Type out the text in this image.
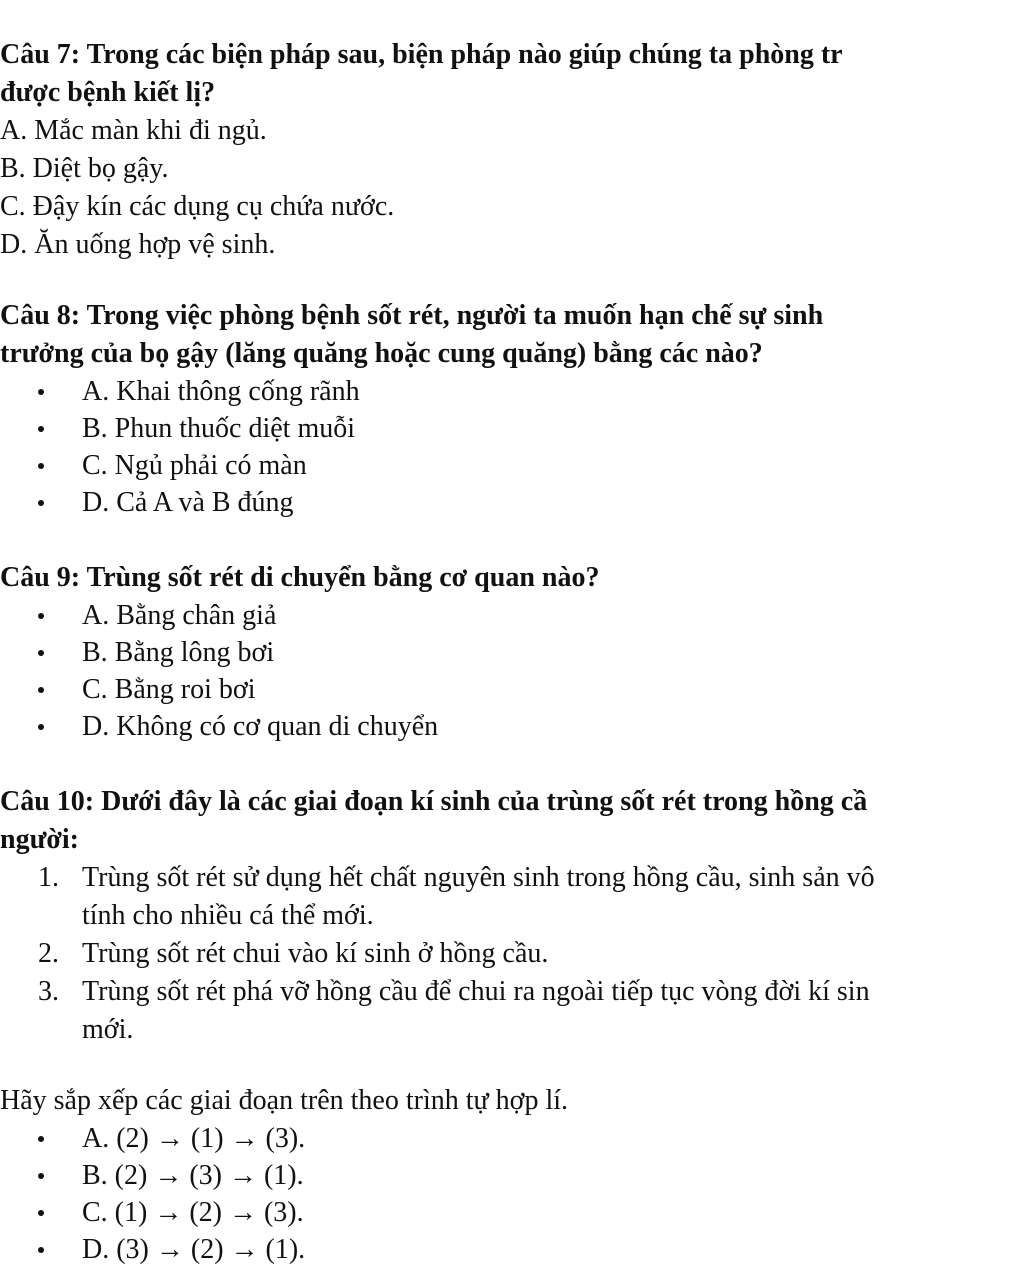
Câu 7: Trong các biện pháp sau, biện pháp nào giúp chúng ta phòng tr

được bệnh kiết lị?

A. Mắc màn khi đi ngủ.

B. Diệt bọ gậy.

C. Đậy kín các dụng cụ chứa nước.

D. Ăn uống hợp vệ sinh.

Câu 8: Trong việc phòng bệnh sốt rét, người ta muốn hạn chế sự sinh

trưởng của bọ gậy (lăng quăng hoặc cung quăng) bằng các nào?

A. Khai thông cống rãnh
B. Phun thuốc diệt muỗi
C. Ngủ phải có màn
D. Cả A và B đúng

Câu 9: Trùng sốt rét di chuyển bằng cơ quan nào?

A. Bằng chân giả
B. Bằng lông bơi
C. Bằng roi bơi
D. Không có cơ quan di chuyển

Câu 10: Dưới đây là các giai đoạn kí sinh của trùng sốt rét trong hồng cầ

người:

1. Trùng sốt rét sử dụng hết chất nguyên sinh trong hồng cầu, sinh sản vô
tính cho nhiều cá thể mới.
2. Trùng sốt rét chui vào kí sinh ở hồng cầu.
3. Trùng sốt rét phá vỡ hồng cầu để chui ra ngoài tiếp tục vòng đời kí sin
mới.

Hãy sắp xếp các giai đoạn trên theo trình tự hợp lí.

A. (2) → (1) → (3).
B. (2) → (3) → (1).
C. (1) → (2) → (3).
D. (3) → (2) → (1).
